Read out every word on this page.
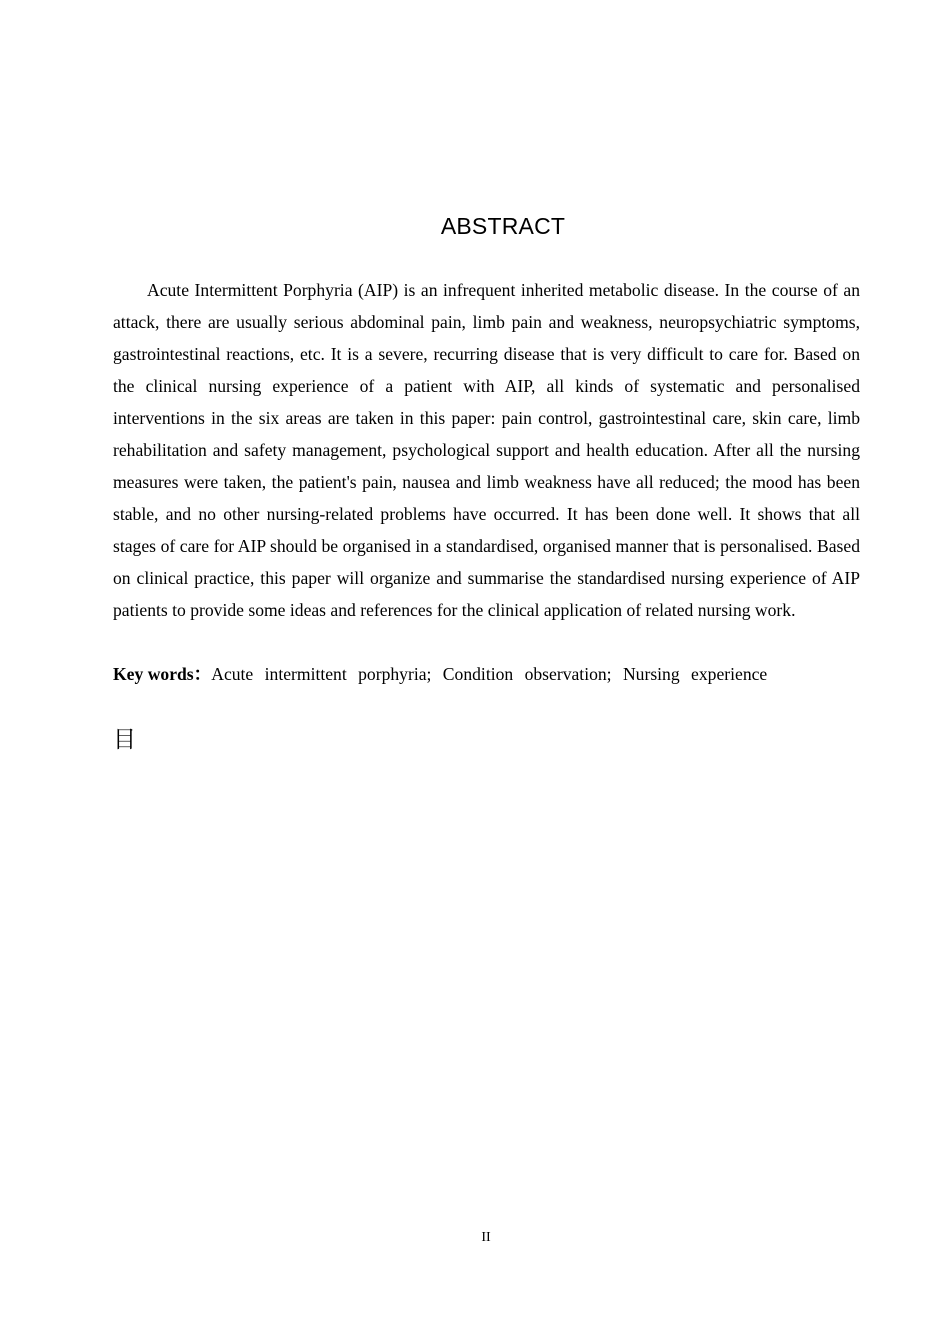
ABSTRACT

Acute Intermittent Porphyria (AIP) is an infrequent inherited metabolic disease. In the course of an attack, there are usually serious abdominal pain, limb pain and weakness, neuropsychiatric symptoms, gastrointestinal reactions, etc. It is a severe, recurring disease that is very difficult to care for. Based on the clinical nursing experience of a patient with AIP, all kinds of systematic and personalised interventions in the six areas are taken in this paper: pain control, gastrointestinal care, skin care, limb rehabilitation and safety management, psychological support and health education. After all the nursing measures were taken, the patient's pain, nausea and limb weakness have all reduced; the mood has been stable, and no other nursing-related problems have occurred. It has been done well. It shows that all stages of care for AIP should be organised in a standardised, organised manner that is personalised. Based on clinical practice, this paper will organize and summarise the standardised nursing experience of AIP patients to provide some ideas and references for the clinical application of related nursing work.

Key words：Acute intermittent porphyria; Condition observation; Nursing experience

目
II
